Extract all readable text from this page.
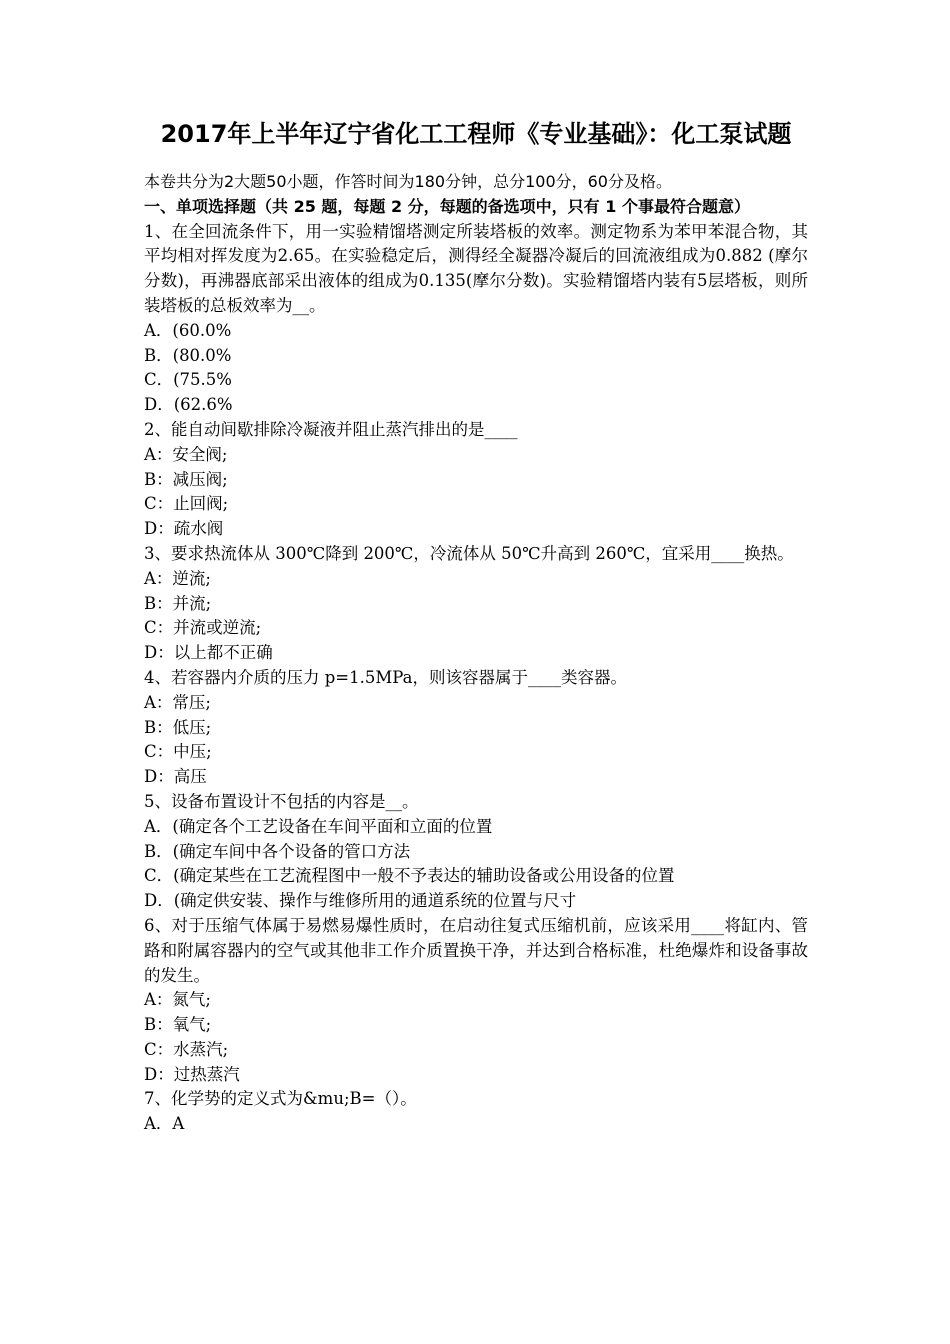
2017年上半年辽宁省化工工程师《专业基础》：化工泵试题
本卷共分为2大题50小题，作答时间为180分钟，总分100分，60分及格。
一、单项选择题（共 25 题，每题 2 分，每题的备选项中，只有 1 个事最符合题意）
1、在全回流条件下，用一实验精馏塔测定所装塔板的效率。测定物系为苯甲苯混合物，其平均相对挥发度为2.65。在实验稳定后，测得经全凝器冷凝后的回流液组成为0.882 (摩尔分数)，再沸器底部采出液体的组成为0.135(摩尔分数)。实验精馏塔内装有5层塔板，则所装塔板的总板效率为__。
A．(60.0%
B．(80.0%
C．(75.5%
D．(62.6%
2、能自动间歇排除冷凝液并阻止蒸汽排出的是____
A：安全阀;
B：减压阀;
C：止回阀;
D：疏水阀
3、要求热流体从 300℃降到 200℃，冷流体从 50℃升高到 260℃，宜采用____换热。
A：逆流;
B：并流;
C：并流或逆流;
D：以上都不正确
4、若容器内介质的压力 p=1.5MPa，则该容器属于____类容器。
A：常压;
B：低压;
C：中压;
D：高压
5、设备布置设计不包括的内容是__。
A．(确定各个工艺设备在车间平面和立面的位置
B．(确定车间中各个设备的管口方法
C．(确定某些在工艺流程图中一般不予表达的辅助设备或公用设备的位置
D．(确定供安装、操作与维修所用的通道系统的位置与尺寸
6、对于压缩气体属于易燃易爆性质时，在启动往复式压缩机前，应该采用____将缸内、管路和附属容器内的空气或其他非工作介质置换干净，并达到合格标准，杜绝爆炸和设备事故的发生。
A：氮气;
B：氧气;
C：水蒸汽;
D：过热蒸汽
7、化学势的定义式为&mu;B=（）。
A．A
